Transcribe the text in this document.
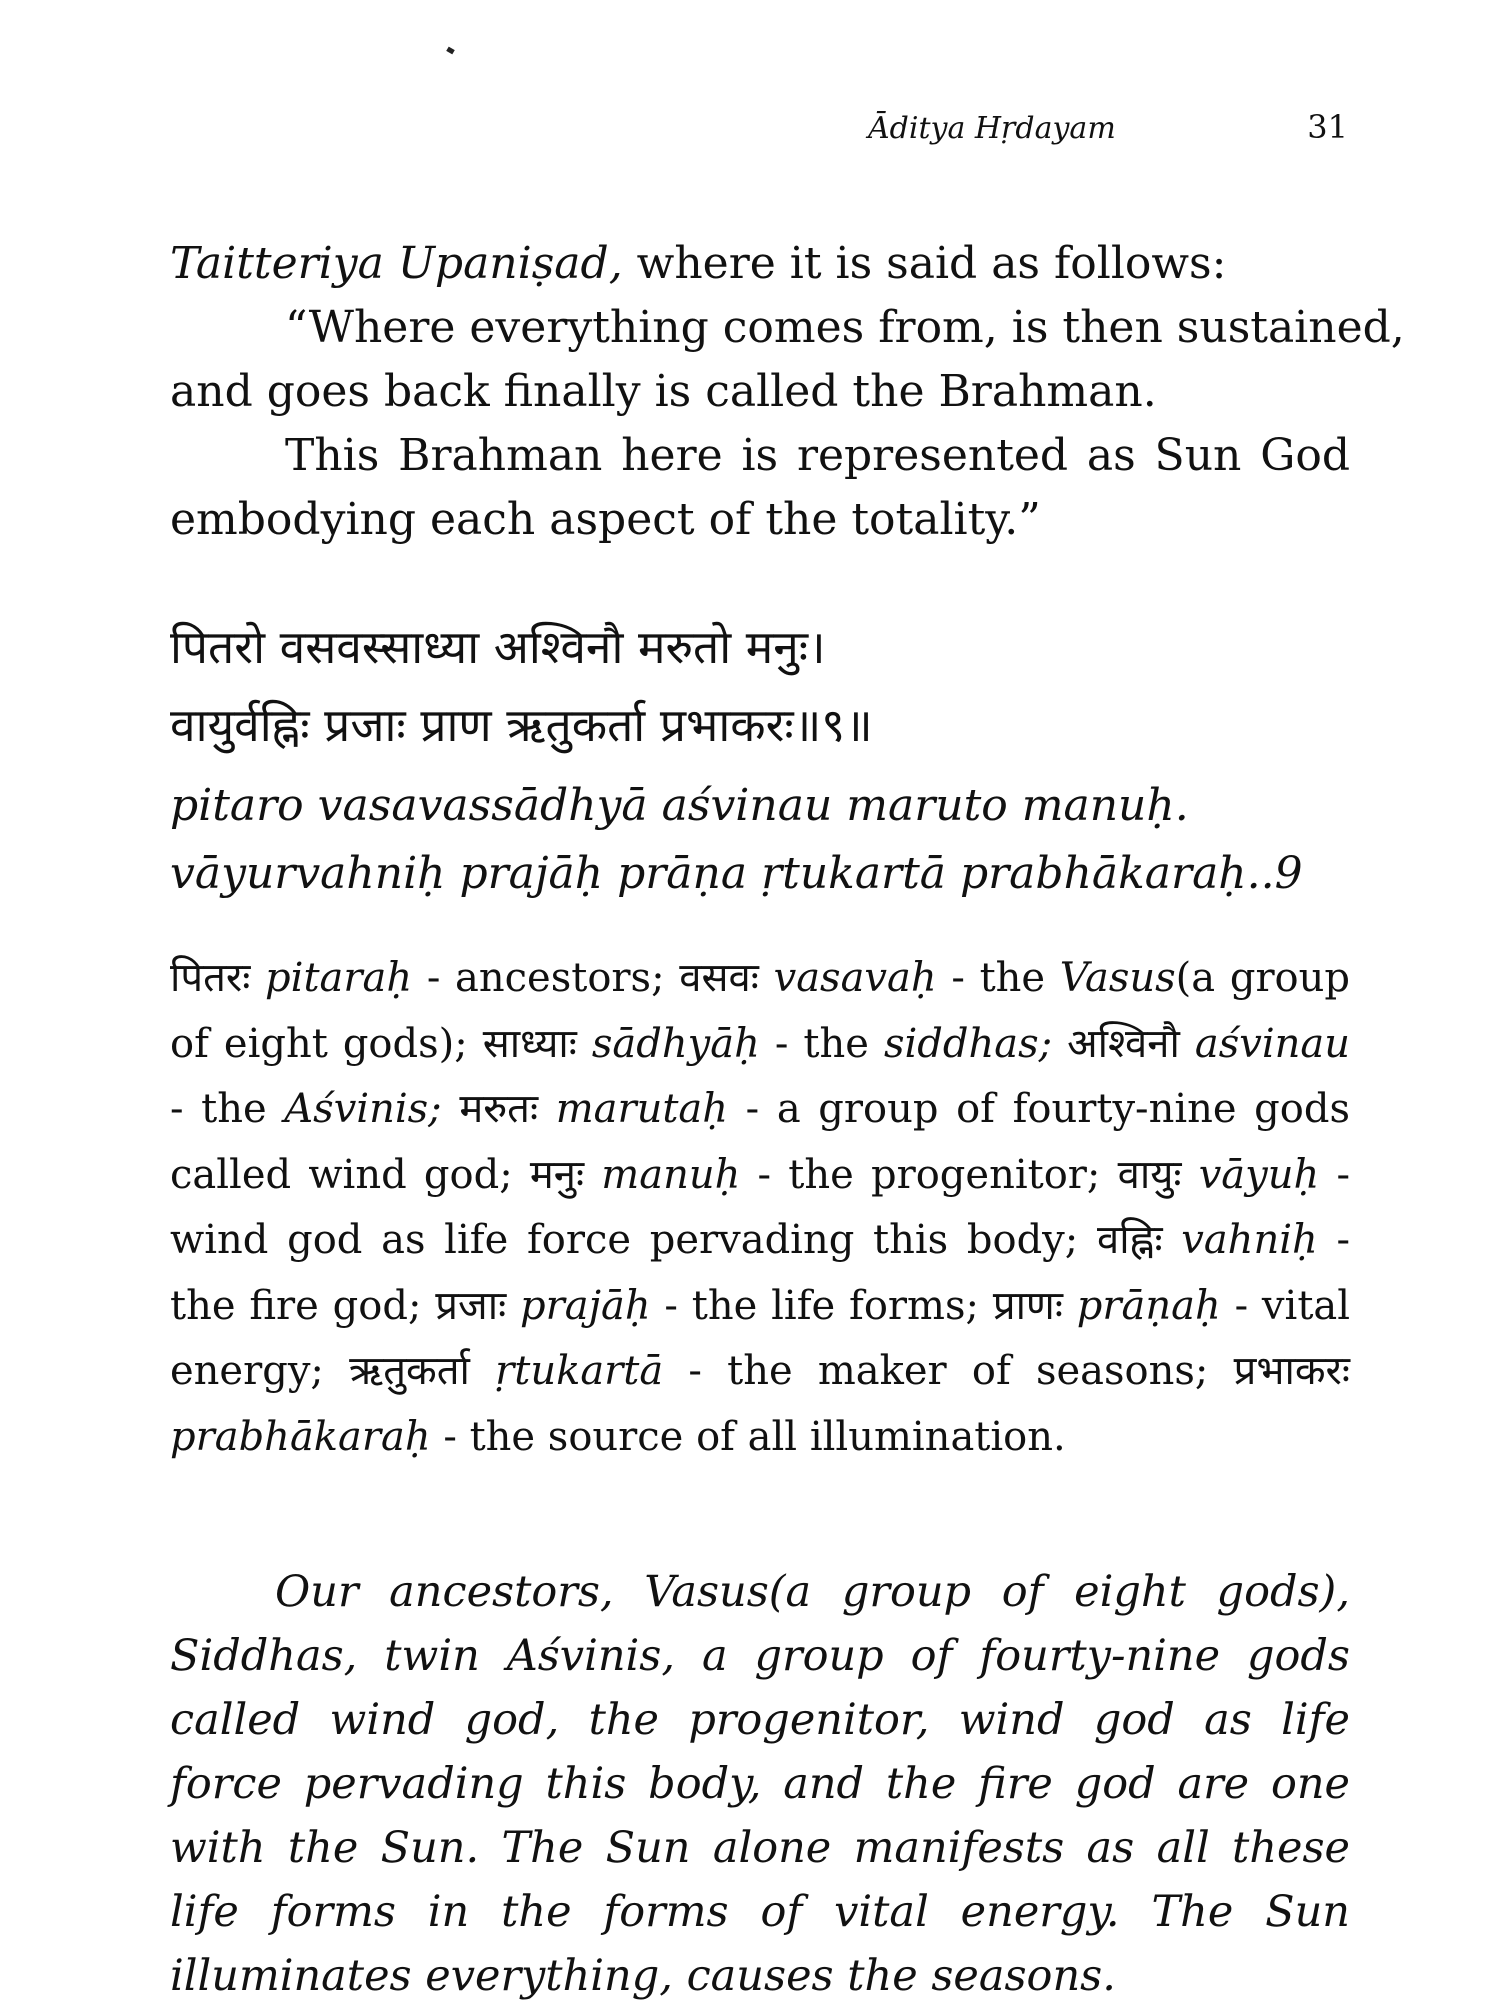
Āditya Hṛdayam	31
Taitteriya Upaniṣad, where it is said as follows:
“Where everything comes from, is then sustained,
and goes back finally is called the Brahman.
This Brahman here is represented as Sun God
embodying each aspect of the totality.”
पितरो वसवस्साध्या अश्विनौ मरुतो मनुः।
वायुर्वह्निः प्रजाः प्राण ऋतुकर्ता प्रभाकरः॥९॥
pitaro vasavassādhyā aśvinau maruto manuḥ.
vāyurvahniḥ prajāḥ prāṇa ṛtukartā prabhākaraḥ..9
पितरः pitaraḥ - ancestors; वसवः vasavaḥ - the Vasus(a group of eight gods); साध्याः sādhyāḥ - the siddhas; अश्विनौ aśvinau - the Aśvinis; मरुतः marutaḥ - a group of fourty-nine gods called wind god; मनुः manuḥ - the progenitor; वायुः vāyuḥ - wind god as life force pervading this body; वह्निः vahniḥ - the fire god; प्रजाः prajāḥ - the life forms; प्राणः prāṇaḥ - vital energy; ऋतुकर्ता ṛtukartā - the maker of seasons; प्रभाकरः prabhākaraḥ - the source of all illumination.
Our ancestors, Vasus(a group of eight gods), Siddhas, twin Aśvinis, a group of fourty-nine gods called wind god, the progenitor, wind god as life force pervading this body, and the fire god are one with the Sun. The Sun alone manifests as all these life forms in the forms of vital energy. The Sun illuminates everything, causes the seasons.
